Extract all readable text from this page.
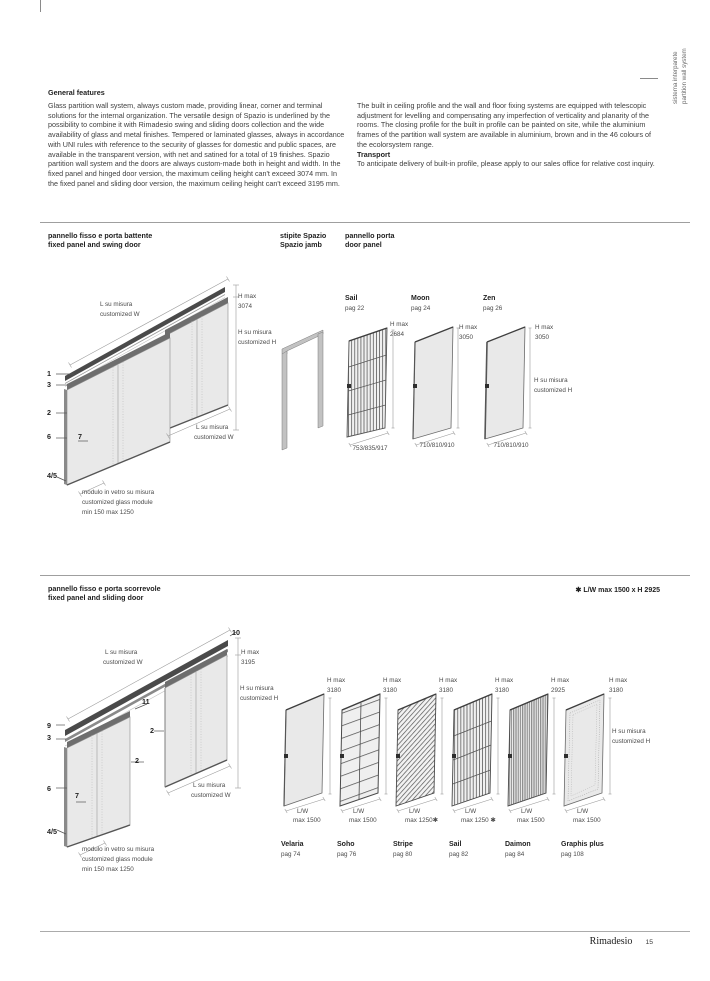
sistema interparete partition wall system
General features

Glass partition wall system, always custom made, providing linear, corner and terminal solutions for the internal organization. The versatile design of Spazio is underlined by the possibility to combine it with Rimadesio swing and sliding doors collection and the wide availability of glass and metal finishes. Tempered or laminated glasses, always in accordance with UNI rules with reference to the security of glasses for domestic and public spaces, are available in the transparent version, with net and satined for a total of 19 finishes. Spazio partition wall system and the doors are always custom-made both in height and width. In the fixed panel and hinged door version, the maximum ceiling height can't exceed 3074 mm. In the fixed panel and sliding door version, the maximum ceiling height can't exceed 3195 mm.

The built in ceiling profile and the wall and floor fixing systems are equipped with telescopic adjustment for levelling and compensating any imperfection of verticality and planarity of the rooms. The closing profile for the built in profile can be painted on site, while the aluminium frames of the partition wall system are available in aluminium, brown and in the 46 colours of the ecolorsystem range.

Transport

To anticipate delivery of built-in profile, please apply to our sales office for relative cost inquiry.

pannello fisso e porta battente
fixed panel and swing door
stipite Spazio
Spazio jamb
pannello porta
door panel
L su misura
customized W
H max
3074
H su misura
customized H
L su misura
customized W
modulo in vetro su misura
customized glass module
min 150 max 1250
1
3
2
6	7
4/5
Sail
pag 22
H max
2684
753/835/917
Moon
pag 24
H max
3050
710/810/910
Zen
pag 26
H max
3050
H su misura
customized H
710/810/910
pannello fisso e porta scorrevole
fixed panel and sliding door
✱ L/W max 1500 x H 2925
L su misura
customized W
10
H max
3195
H su misura
customized H
11
2
2
9
3
6
7
4/5
L su misura
customized W
modulo in vetro su misura
customized glass module
min 150 max 1250
H max
3180
L/W
max 1500
Velaria
pag 74
H max
3180
L/W
max 1500
Soho
pag 76
H max
3180
L/W
max 1250✱
Stripe
pag 80
H max
3180
L/W
max 1250 ✱
Sail
pag 82
H max
2925
L/W
max 1500
Daimon
pag 84
H max
3180
H su misura
customized H
L/W
max 1500
Graphis plus
pag 108
Rimadesio 15
